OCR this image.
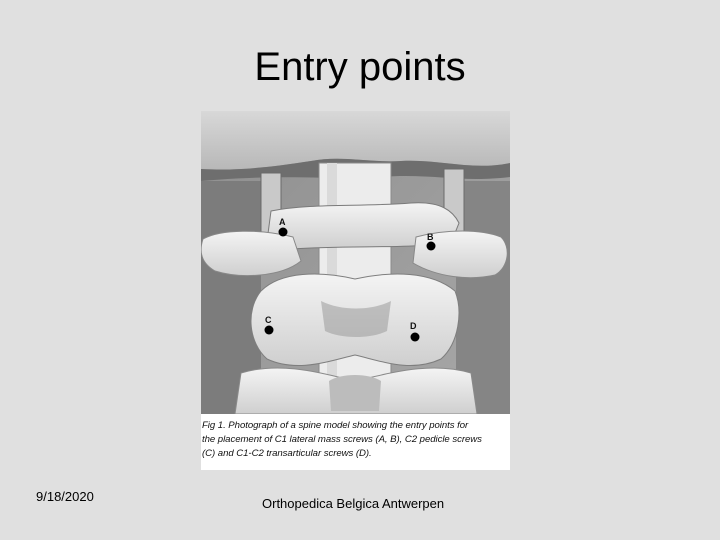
Entry points
A
B
C
D
Fig 1. Photograph of a spine model showing the entry points for
the placement of C1 lateral mass screws (A, B), C2 pedicle screws
(C) and C1-C2 transarticular screws (D).
9/18/2020	Orthopedica Belgica Antwerpen
